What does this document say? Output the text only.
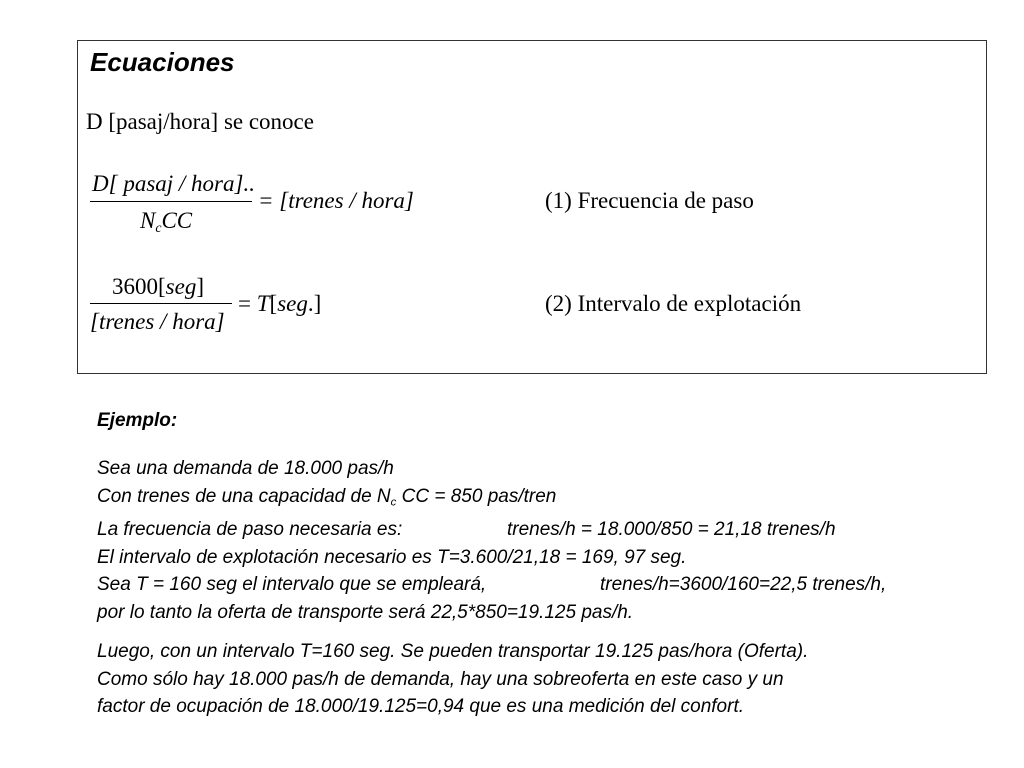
Ecuaciones
D [pasaj/hora] se conoce
D[ pasaj / hora]..
$N_cCC$
= [trenes / hora]	(1) Frecuencia de paso
3600[seg]
[trenes / hora]
= T[seg.]	(2) Intervalo de explotación
Ejemplo:
Sea una demanda de 18.000 pas/h
Con trenes de una capacidad de $N_c$ CC = 850 pas/tren
La frecuencia de paso necesaria es:	trenes/h = 18.000/850 = 21,18 trenes/h
El intervalo de explotación necesario es T=3.600/21,18 = 169, 97 seg.
Sea T = 160 seg el intervalo que se empleará,	trenes/h=3600/160=22,5 trenes/h,
por lo tanto la oferta de transporte será 22,5*850=19.125 pas/h.
Luego, con un intervalo T=160 seg. Se pueden transportar 19.125 pas/hora (Oferta).
Como sólo hay 18.000 pas/h de demanda, hay una sobreoferta en este caso y un
factor de ocupación de 18.000/19.125=0,94 que es una medición del confort.
